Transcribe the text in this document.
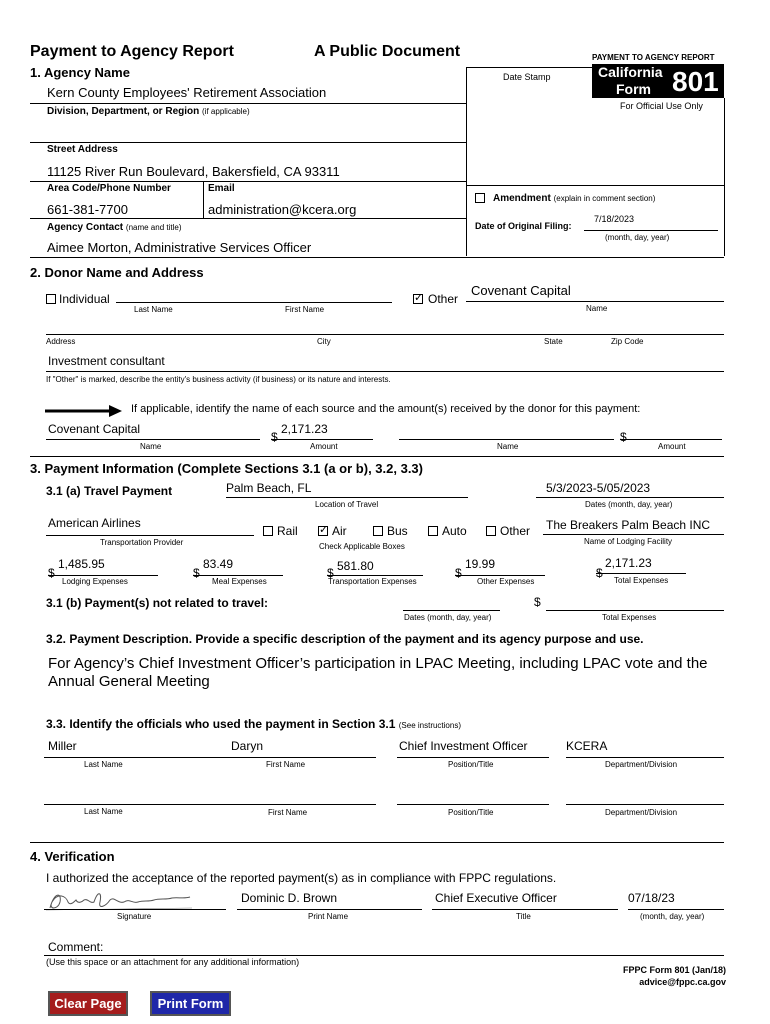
Payment to Agency Report	A Public Document	PAYMENT TO AGENCY REPORT
California
Form 801
For Official Use Only
Date Stamp
1. Agency Name
Kern County Employees' Retirement Association
Division, Department, or Region (if applicable)
Street Address
11125 River Run Boulevard, Bakersfield, CA 93311
Area Code/Phone Number	Email
661-381-7700	administration@kcera.org
Agency Contact (name and title)
Aimee Morton, Administrative Services Officer
Amendment (explain in comment section)
Date of Original Filing:
7/18/2023
(month, day, year)
2. Donor Name and Address
Individual
Last Name	First Name
✓
Other
Covenant Capital
Name
Address	City	State	Zip Code
Investment consultant
If "Other" is marked, describe the entity's business activity (if business) or its nature and interests.
If applicable, identify the name of each source and the amount(s) received by the donor for this payment:
Covenant Capital
Name
$
2,171.23
Amount	Name
$
Amount
3. Payment Information (Complete Sections 3.1 (a or b), 3.2, 3.3)
3.1 (a) Travel Payment	Palm Beach, FL
Location of Travel
5/3/2023-5/05/2023
Dates (month, day, year)
American Airlines
Transportation Provider
Rail
✓	Air	Bus	Auto	Other
Check Applicable Boxes
The Breakers Palm Beach INC
Name of Lodging Facility
$
1,485.95
Lodging Expenses
$
83.49
Meal Expenses
$ 581.80
Transportation Expenses
$
19.99
Other Expenses
$
2,171.23
Total Expenses
3.1 (b) Payment(s) not related to travel:
Dates (month, day, year)
$
Total Expenses
3.2. Payment Description. Provide a specific description of the payment and its agency purpose and use.
For Agency’s Chief Investment Officer’s participation in LPAC Meeting, including LPAC vote and the Annual General Meeting
3.3. Identify the officials who used the payment in Section 3.1 (See instructions)
Miller	Daryn	Chief Investment Officer	KCERA
Last Name	First Name	Position/Title	Department/Division
Last Name	First Name	Position/Title	Department/Division
4. Verification
I authorized the acceptance of the reported payment(s) as in compliance with FPPC regulations.
Dominic D. Brown	Chief Executive Officer	07/18/23
Signature	Print Name	Title	(month, day, year)
Comment:
(Use this space or an attachment for any additional information)
FPPC Form 801 (Jan/18)
advice@fppc.ca.gov
Clear Page	Print Form
